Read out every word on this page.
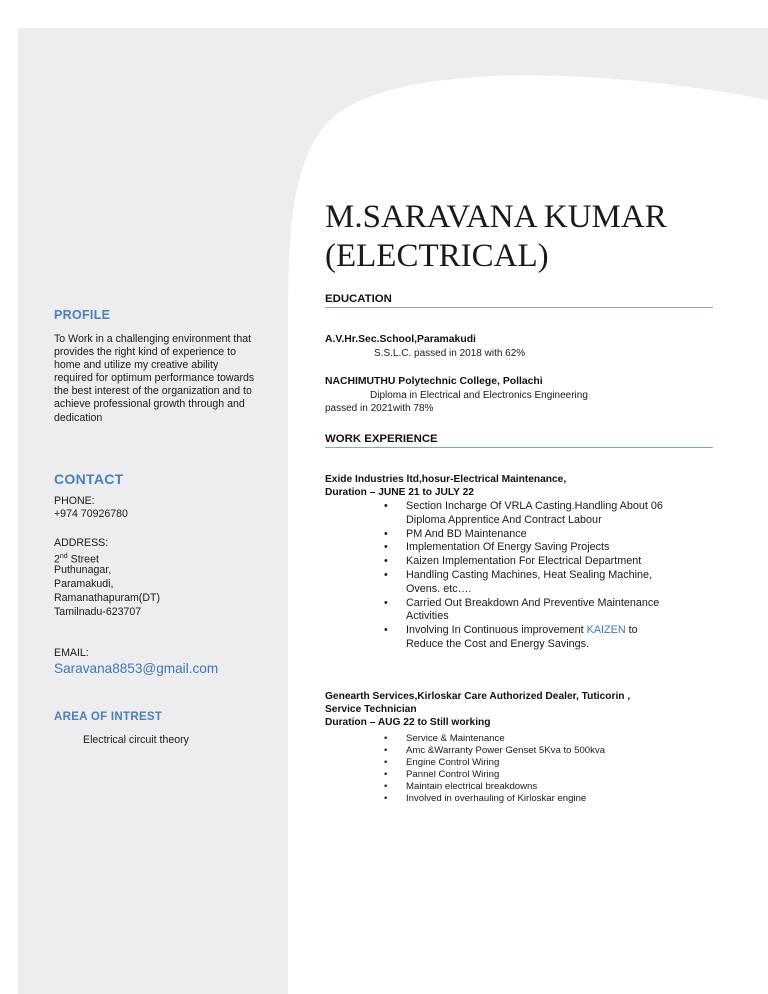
PROFILE

To Work in a challenging environment that provides the right kind of experience to home and utilize my creative ability required for optimum performance towards the best interest of the organization and to achieve professional growth through and dedication

CONTACT
PHONE:
+974 70926780
ADDRESS:
2nd Street
Puthunagar,
Paramakudi,
Ramanathapuram(DT)
Tamilnadu-623707
EMAIL:
Saravana8853@gmail.com
AREA OF INTREST
Electrical circuit theory
M.SARAVANA KUMAR
(ELECTRICAL)
EDUCATION
A.V.Hr.Sec.School,Paramakudi
S.S.L.C. passed in 2018 with 62%
NACHIMUTHU Polytechnic College, Pollachi
Diploma in Electrical and Electronics Engineering
passed in 2021with 78%
WORK EXPERIENCE
Exide Industries ltd,hosur-Electrical Maintenance,
Duration – JUNE 21 to JULY 22
• Section Incharge Of VRLA Casting.Handling About 06 Diploma Apprentice And Contract Labour
• PM And BD Maintenance
• Implementation Of Energy Saving Projects
• Kaizen Implementation For Electrical Department
• Handling Casting Machines, Heat Sealing Machine, Ovens. etc….
• Carried Out Breakdown And Preventive Maintenance Activities
• Involving In Continuous improvement KAIZEN to Reduce the Cost and Energy Savings.
Genearth Services,Kirloskar Care Authorized Dealer, Tuticorin ,
Service Technician
Duration – AUG 22 to Still working
• Service & Maintenance
• Amc &Warranty Power Genset 5Kva to 500kva
• Engine Control Wiring
• Pannel Control Wiring
• Maintain electrical breakdowns
• Involved in overhauling of Kirloskar engine
